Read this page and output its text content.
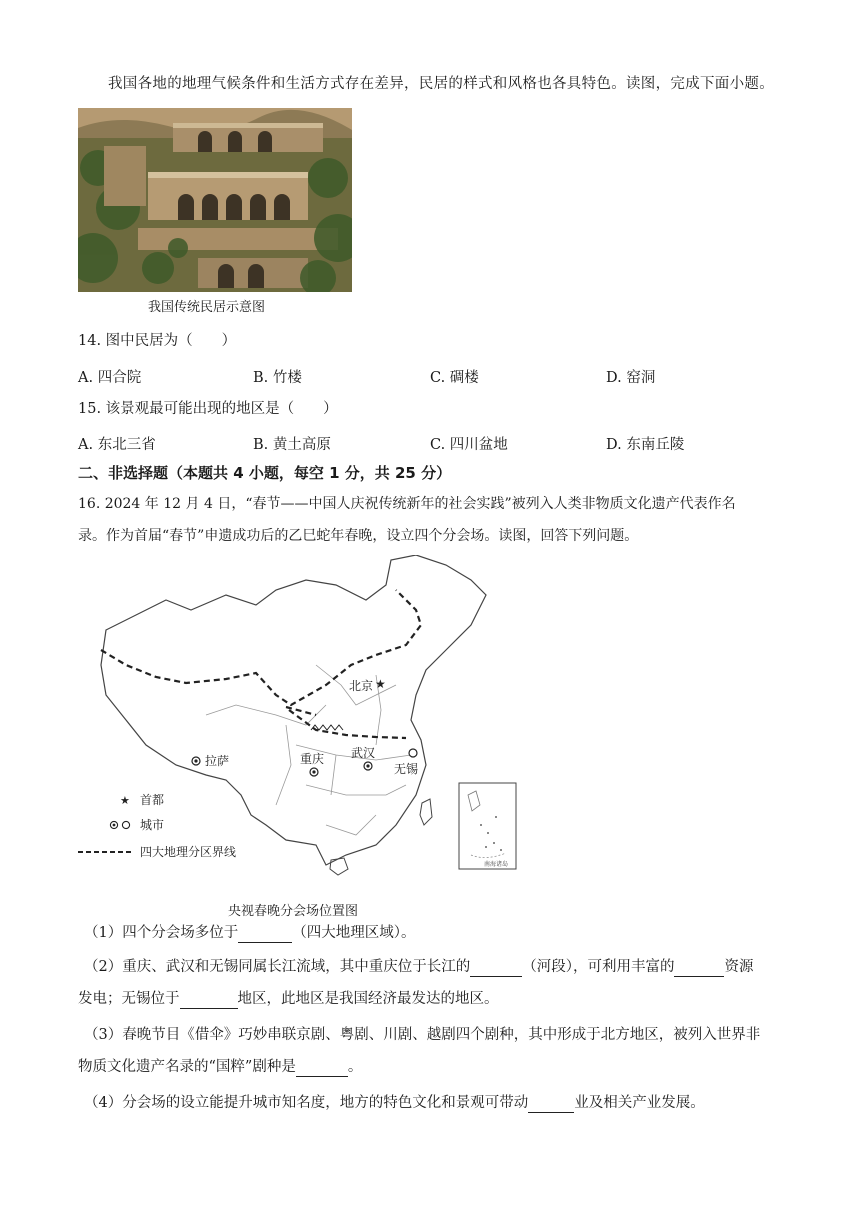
我国各地的地理气候条件和生活方式存在差异，民居的样式和风格也各具特色。读图，完成下面小题。
我国传统民居示意图
14. 图中民居为（　　）
A. 四合院	B. 竹楼	C. 碉楼	D. 窑洞
15. 该景观最可能出现的地区是（　　）
A. 东北三省	B. 黄土高原	C. 四川盆地	D. 东南丘陵
二、非选择题（本题共 4 小题，每空 1 分，共 25 分）
16. 2024 年 12 月 4 日，“春节——中国人庆祝传统新年的社会实践”被列入人类非物质文化遗产代表作名
录。作为首届“春节”申遗成功后的乙巳蛇年春晚，设立四个分会场。读图，回答下列问题。
★
北京
拉萨	重庆 武汉
无锡
★ 首都
城市
四大地理分区界线
南海诸岛
央视春晚分会场位置图
（1）四个分会场多位于	（四大地理区域）。
（2）重庆、武汉和无锡同属长江流域，其中重庆位于长江的	（河段），可利用丰富的	资源
发电；无锡位于	地区，此地区是我国经济最发达的地区。
（3）春晚节目《借伞》巧妙串联京剧、粤剧、川剧、越剧四个剧种，其中形成于北方地区，被列入世界非
物质文化遗产名录的“国粹”剧种是	。
（4）分会场的设立能提升城市知名度，地方的特色文化和景观可带动	业及相关产业发展。
